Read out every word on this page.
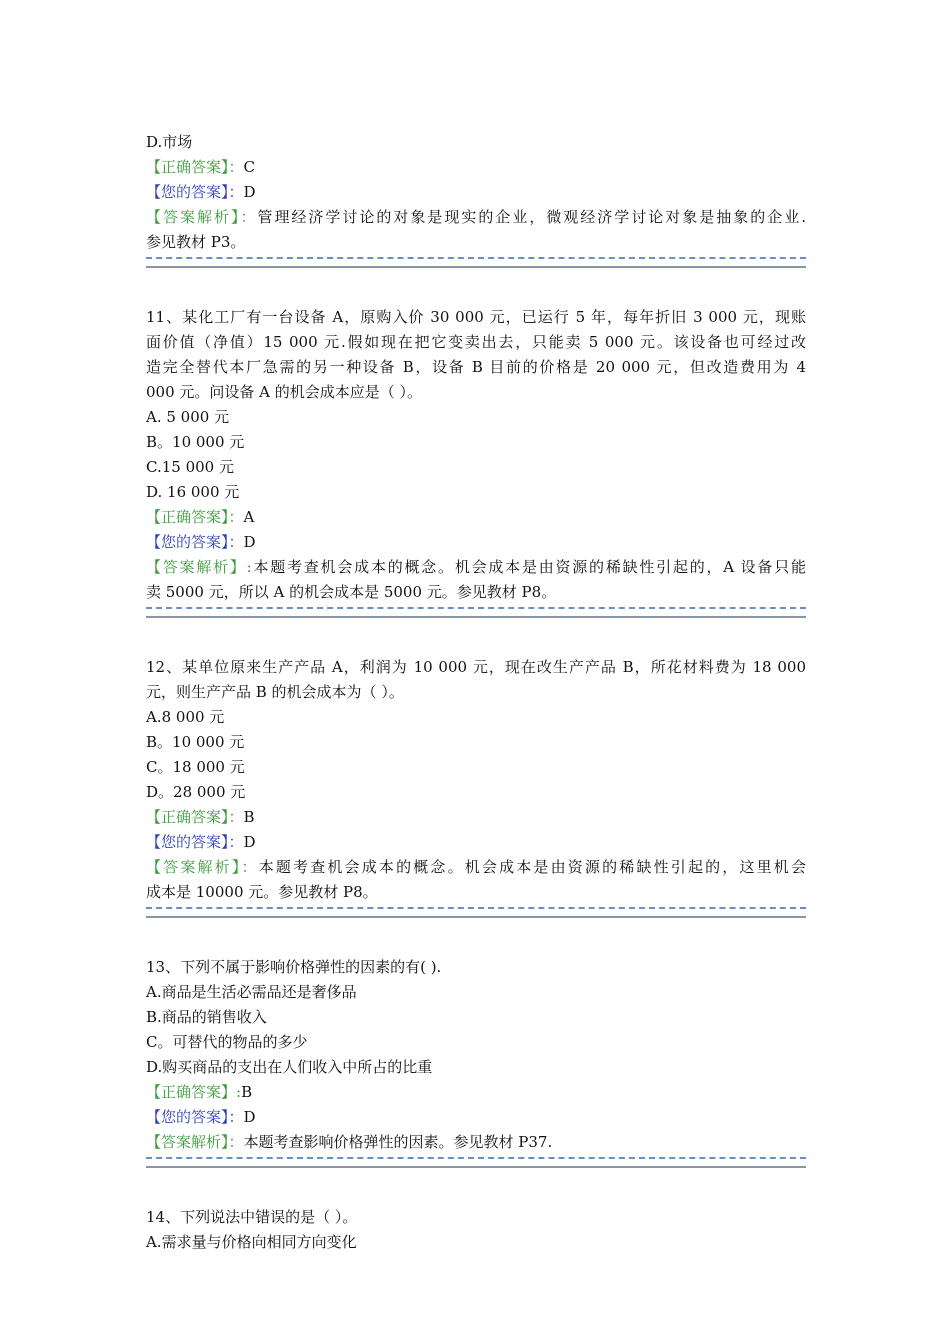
D.市场
【正确答案】：C
【您的答案】：D
【答案解析】：管理经济学讨论的对象是现实的企业，微观经济学讨论对象是抽象的企业.
参见教材 P3。
11、某化工厂有一台设备 A，原购入价 30 000 元，已运行 5 年，每年折旧 3 000 元，现账
面价值（净值）15 000 元.假如现在把它变卖出去，只能卖 5 000 元。该设备也可经过改
造完全替代本厂急需的另一种设备 B，设备 B 目前的价格是 20 000 元，但改造费用为 4
000 元。问设备 A 的机会成本应是（ ）。
A. 5 000 元
B。10 000 元
C.15 000 元
D. 16 000 元
【正确答案】：A
【您的答案】：D
【答案解析】:本题考查机会成本的概念。机会成本是由资源的稀缺性引起的，A 设备只能
卖 5000 元，所以 A 的机会成本是 5000 元。参见教材 P8。
12、某单位原来生产产品 A，利润为 10 000 元，现在改生产产品 B，所花材料费为 18 000
元，则生产产品 B 的机会成本为（ ）。
A.8 000 元
B。10 000 元
C。18 000 元
D。28 000 元
【正确答案】：B
【您的答案】：D
【答案解析】：本题考查机会成本的概念。机会成本是由资源的稀缺性引起的，这里机会
成本是 10000 元。参见教材 P8。
13、下列不属于影响价格弹性的因素的有( ).
A.商品是生活必需品还是奢侈品
B.商品的销售收入
C。可替代的物品的多少
D.购买商品的支出在人们收入中所占的比重
【正确答案】:B
【您的答案】：D
【答案解析】：本题考查影响价格弹性的因素。参见教材 P37.
14、下列说法中错误的是（ ）。
A.需求量与价格向相同方向变化
